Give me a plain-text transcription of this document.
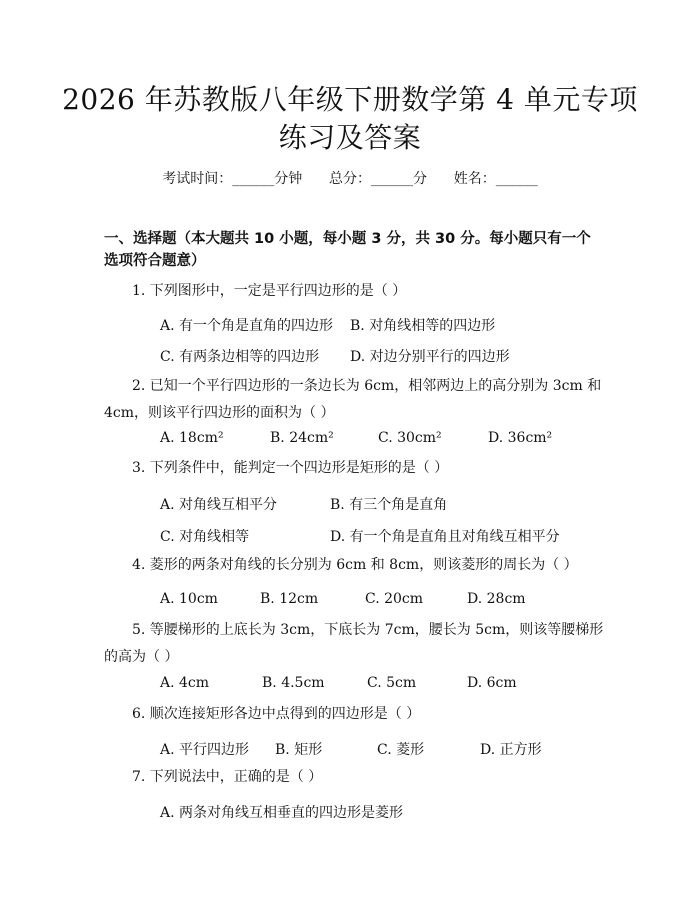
2026 年苏教版八年级下册数学第 4 单元专项
练习及答案
考试时间：______分钟 总分：______分 姓名：______
一、选择题（本大题共 10 小题，每小题 3 分，共 30 分。每小题只有一个选项符合题意）
1. 下列图形中，一定是平行四边形的是（ ）
A. 有一个角是直角的四边形 B. 对角线相等的四边形
C. 有两条边相等的四边形 D. 对边分别平行的四边形
2. 已知一个平行四边形的一条边长为 6cm，相邻两边上的高分别为 3cm 和 4cm，则该平行四边形的面积为（ ）
A. 18cm²	B. 24cm²	C. 30cm²	D. 36cm²
3. 下列条件中，能判定一个四边形是矩形的是（ ）
A. 对角线互相平分	B. 有三个角是直角
C. 对角线相等	D. 有一个角是直角且对角线互相平分
4. 菱形的两条对角线的长分别为 6cm 和 8cm，则该菱形的周长为（ ）
A. 10cm	B. 12cm	C. 20cm	D. 28cm
5. 等腰梯形的上底长为 3cm，下底长为 7cm，腰长为 5cm，则该等腰梯形的高为（ ）
A. 4cm	B. 4.5cm	C. 5cm	D. 6cm
6. 顺次连接矩形各边中点得到的四边形是（ ）
A. 平行四边形 B. 矩形	C. 菱形	D. 正方形
7. 下列说法中，正确的是（ ）
A. 两条对角线互相垂直的四边形是菱形
